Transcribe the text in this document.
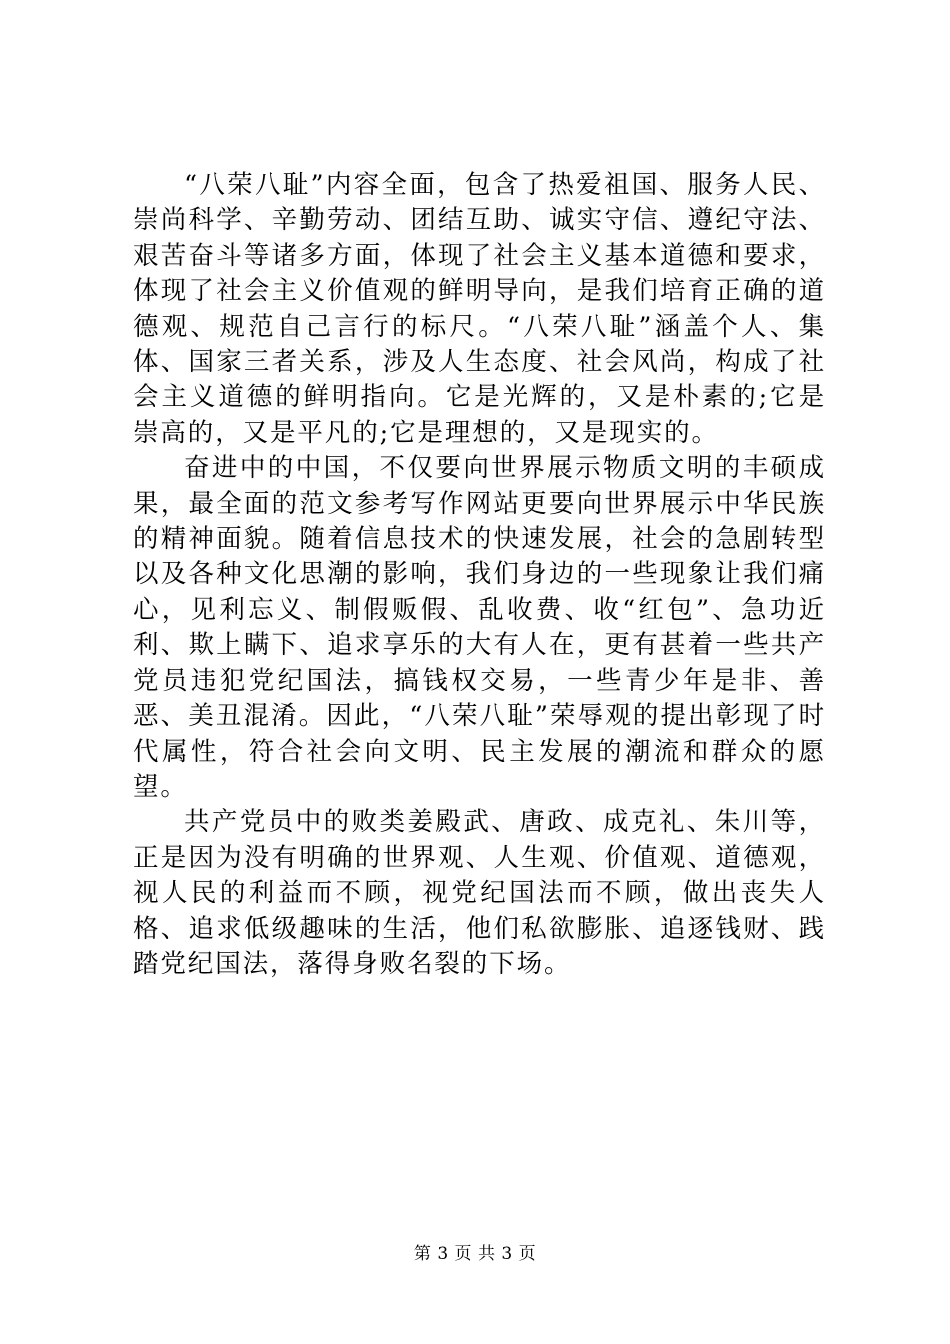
“八荣八耻”内容全面，包含了热爱祖国、服务人民、崇尚科学、辛勤劳动、团结互助、诚实守信、遵纪守法、艰苦奋斗等诸多方面，体现了社会主义基本道德和要求，体现了社会主义价值观的鲜明导向，是我们培育正确的道德观、规范自己言行的标尺。“八荣八耻”涵盖个人、集体、国家三者关系，涉及人生态度、社会风尚，构成了社会主义道德的鲜明指向。它是光辉的，又是朴素的;它是崇高的，又是平凡的;它是理想的，又是现实的。

奋进中的中国，不仅要向世界展示物质文明的丰硕成果，最全面的范文参考写作网站更要向世界展示中华民族的精神面貌。随着信息技术的快速发展，社会的急剧转型以及各种文化思潮的影响，我们身边的一些现象让我们痛心，见利忘义、制假贩假、乱收费、收“红包”、急功近利、欺上瞒下、追求享乐的大有人在，更有甚着一些共产党员违犯党纪国法，搞钱权交易，一些青少年是非、善恶、美丑混淆。因此，“八荣八耻”荣辱观的提出彰现了时代属性，符合社会向文明、民主发展的潮流和群众的愿望。

共产党员中的败类姜殿武、唐政、成克礼、朱川等，正是因为没有明确的世界观、人生观、价值观、道德观，视人民的利益而不顾，视党纪国法而不顾，做出丧失人格、追求低级趣味的生活，他们私欲膨胀、追逐钱财、践踏党纪国法，落得身败名裂的下场。

第 3 页 共 3 页
